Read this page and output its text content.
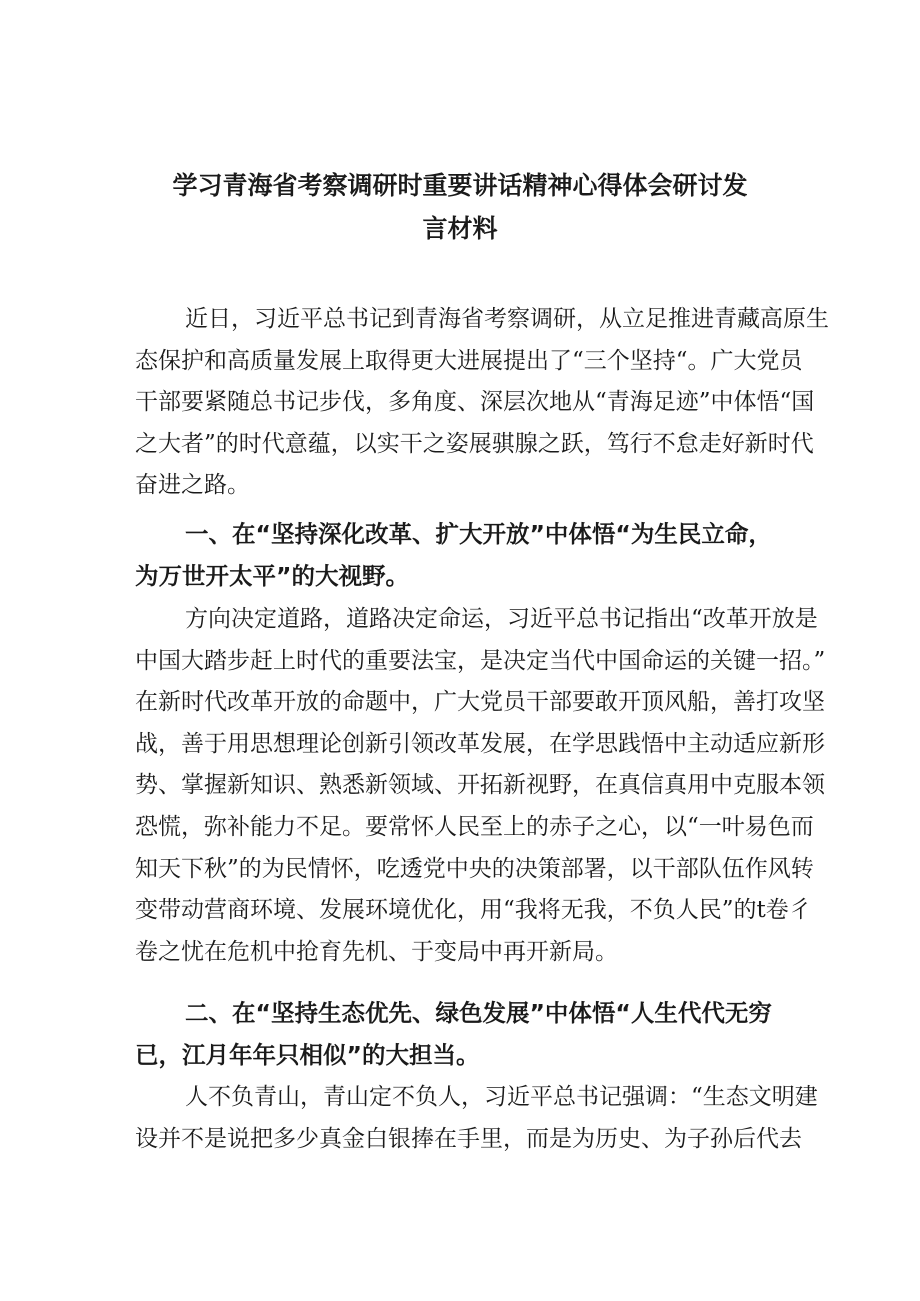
学习青海省考察调研时重要讲话精神心得体会研讨发
言材料

近日，习近平总书记到青海省考察调研，从立足推进青藏高原生
态保护和高质量发展上取得更大进展提出了“三个坚持“。广大党员
干部要紧随总书记步伐，多角度、深层次地从“青海足迹”中体悟“国
之大者”的时代意蕴，以实干之姿展骐腺之跃，笃行不怠走好新时代
奋进之路。

一、在“坚持深化改革、扩大开放”中体悟“为生民立命，
为万世开太平”的大视野。

方向决定道路，道路决定命运，习近平总书记指出“改革开放是
中国大踏步赶上时代的重要法宝，是决定当代中国命运的关键一招。”
在新时代改革开放的命题中，广大党员干部要敢开顶风船，善打攻坚
战，善于用思想理论创新引领改革发展，在学思践悟中主动适应新形
势、掌握新知识、熟悉新领域、开拓新视野，在真信真用中克服本领
恐慌，弥补能力不足。要常怀人民至上的赤子之心，以“一叶易色而
知天下秋”的为民情怀，吃透党中央的决策部署，以干部队伍作风转
变带动营商环境、发展环境优化，用“我将无我，不负人民”的t卷彳
卷之忧在危机中抢育先机、于变局中再开新局。

二、在“坚持生态优先、绿色发展”中体悟“人生代代无穷
已，江月年年只相似”的大担当。

人不负青山，青山定不负人，习近平总书记强调：“生态文明建
设并不是说把多少真金白银捧在手里，而是为历史、为子孙后代去
